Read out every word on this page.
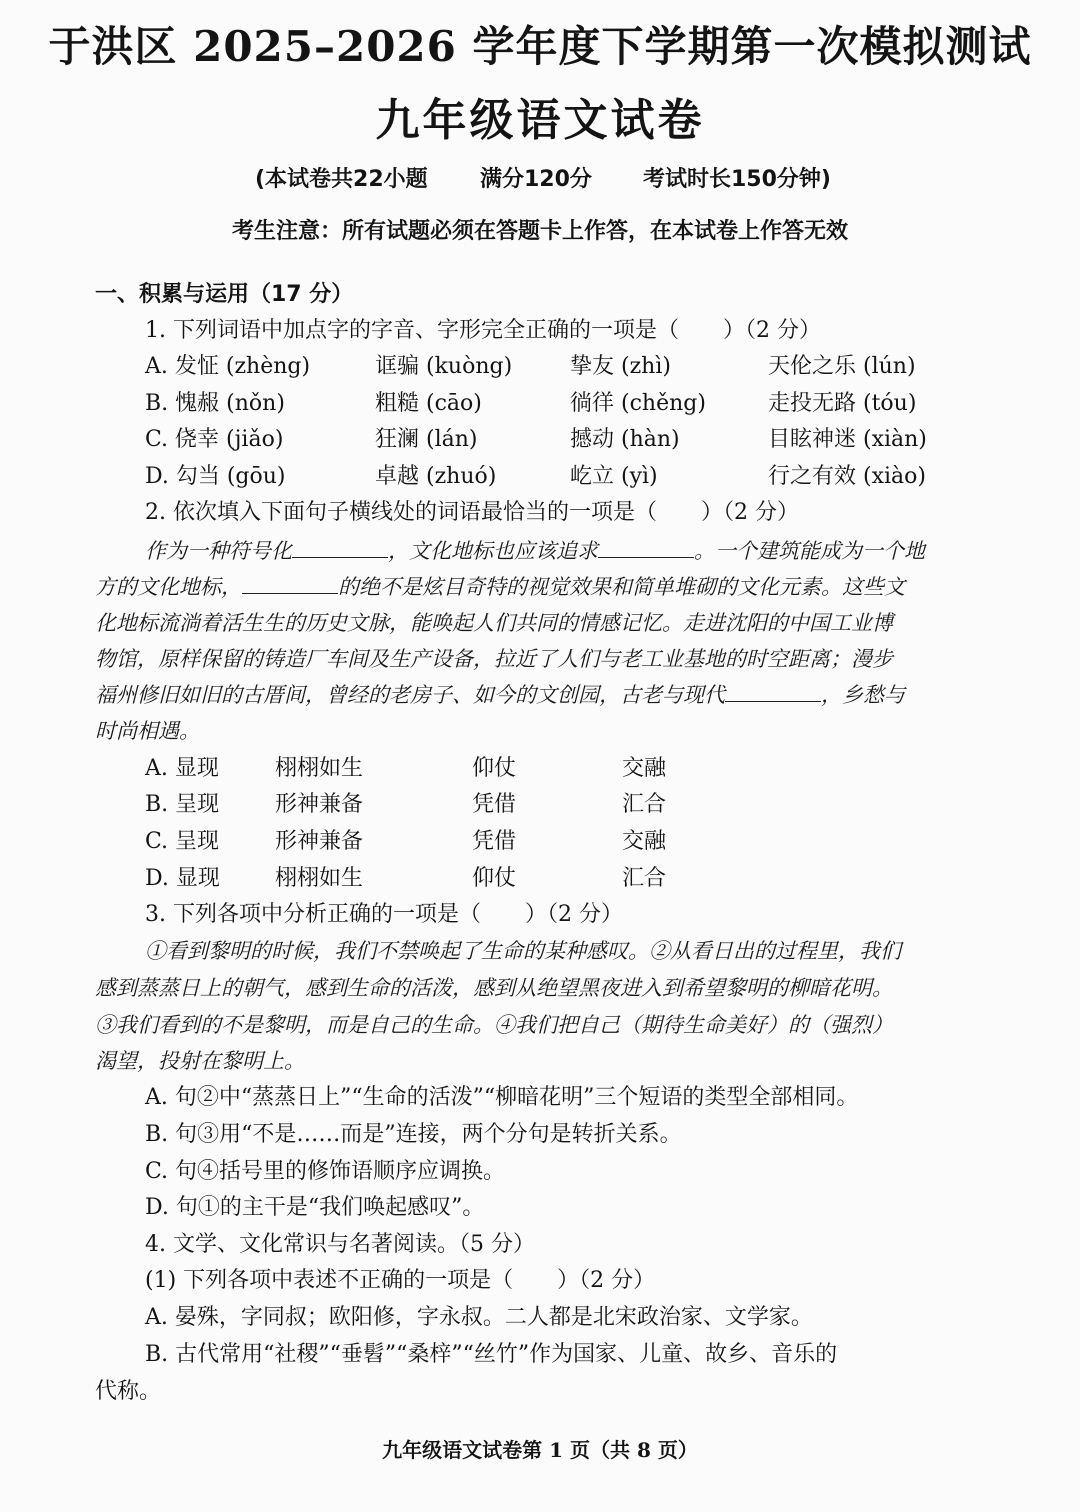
于洪区 2025–2026 学年度下学期第一次模拟测试
九年级语文试卷
(本试卷共22小题 满分120分 考试时长150分钟)
考生注意：所有试题必须在答题卡上作答，在本试卷上作答无效
一、积累与运用（17 分）
1. 下列词语中加点字的字音、字形完全正确的一项是（　　）（2 分）
A. 发怔 (zhèng)	诓骗 (kuòng)	挚友 (zhì)	天伦之乐 (lún)
B. 愧赧 (nǒn)	粗糙 (cāo)	徜徉 (chěng)	走投无路 (tóu)
C. 侥幸 (jiǎo)	狂澜 (lán)	撼动 (hàn)	目眩神迷 (xiàn)
D. 勾当 (gōu)	卓越 (zhuó)	屹立 (yì)	行之有效 (xiào)
2. 依次填入下面句子横线处的词语最恰当的一项是（　　）（2 分）
作为一种符号化	，文化地标也应该追求	。一个建筑能成为一个地
方的文化地标，	的绝不是炫目奇特的视觉效果和简单堆砌的文化元素。这些文
化地标流淌着活生生的历史文脉，能唤起人们共同的情感记忆。走进沈阳的中国工业博
物馆，原样保留的铸造厂车间及生产设备，拉近了人们与老工业基地的时空距离；漫步
福州修旧如旧的古厝间，曾经的老房子、如今的文创园，古老与现代	，乡愁与
时尚相遇。
A. 显现	栩栩如生	仰仗	交融
B. 呈现	形神兼备	凭借	汇合
C. 呈现	形神兼备	凭借	交融
D. 显现	栩栩如生	仰仗	汇合
3. 下列各项中分析正确的一项是（　　）（2 分）
①看到黎明的时候，我们不禁唤起了生命的某种感叹。②从看日出的过程里，我们
感到蒸蒸日上的朝气，感到生命的活泼，感到从绝望黑夜进入到希望黎明的柳暗花明。
③我们看到的不是黎明，而是自己的生命。④我们把自己（期待生命美好）的（强烈）
渴望，投射在黎明上。
A. 句②中“蒸蒸日上”“生命的活泼”“柳暗花明”三个短语的类型全部相同。
B. 句③用“不是……而是”连接，两个分句是转折关系。
C. 句④括号里的修饰语顺序应调换。
D. 句①的主干是“我们唤起感叹”。
4. 文学、文化常识与名著阅读。（5 分）
(1) 下列各项中表述不正确的一项是（　　）（2 分）
A. 晏殊，字同叔；欧阳修，字永叔。二人都是北宋政治家、文学家。
B. 古代常用“社稷”“垂髫”“桑梓”“丝竹”作为国家、儿童、故乡、音乐的
代称。
九年级语文试卷第 1 页（共 8 页）
